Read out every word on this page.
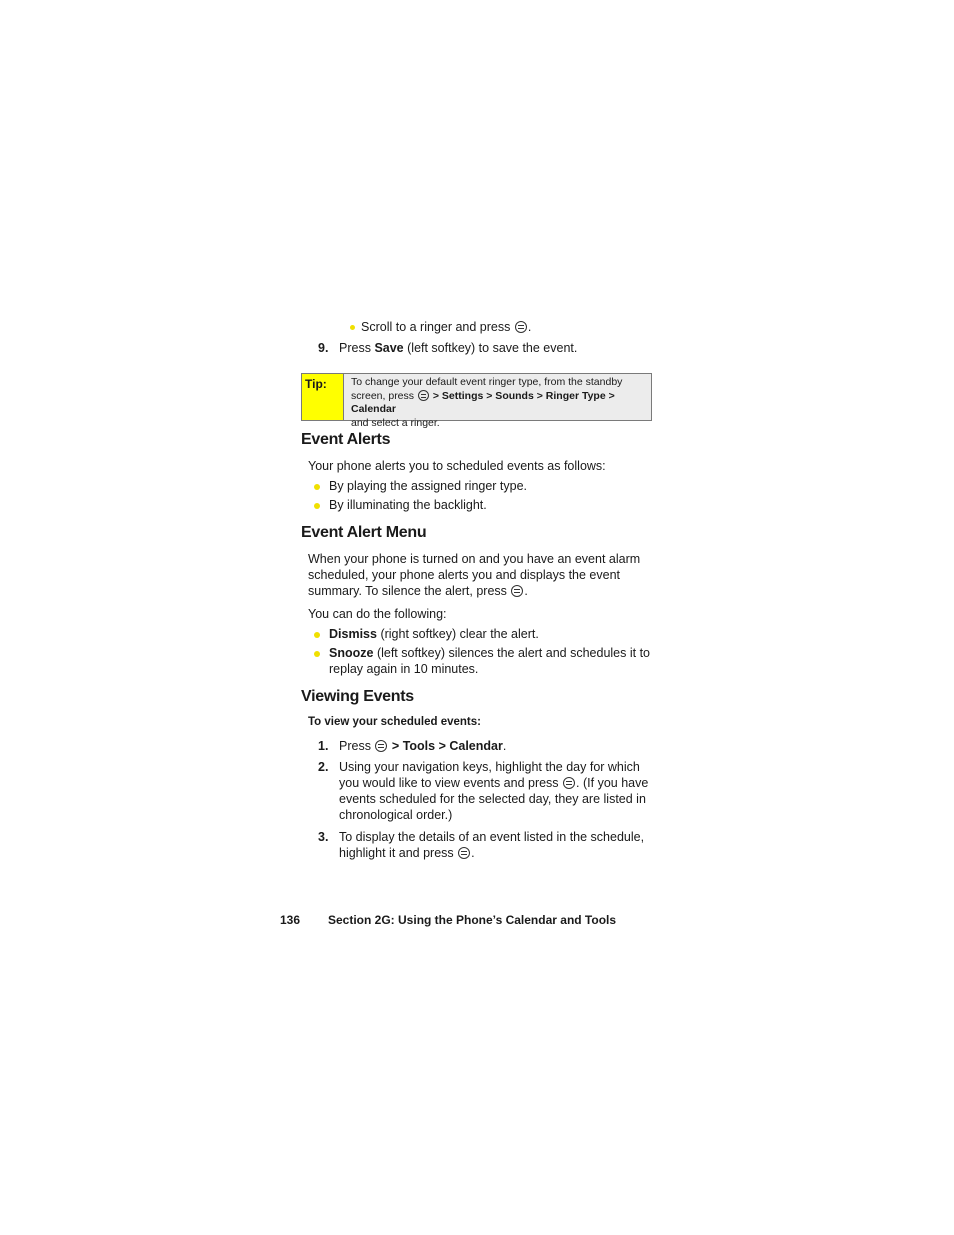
Scroll to a ringer and press .
9. Press Save (left softkey) to save the event.
Tip:	To change your default event ringer type, from the standby
screen, press > Settings > Sounds > Ringer Type > Calendar
and select a ringer.
Event Alerts
Your phone alerts you to scheduled events as follows:
By playing the assigned ringer type.
By illuminating the backlight.
Event Alert Menu
When your phone is turned on and you have an event alarm
scheduled, your phone alerts you and displays the event
summary. To silence the alert, press .
You can do the following:
Dismiss (right softkey) clear the alert.
Snooze (left softkey) silences the alert and schedules it to
replay again in 10 minutes.
Viewing Events
To view your scheduled events:
1. Press > Tools > Calendar.
2. Using your navigation keys, highlight the day for which
you would like to view events and press . (If you have
events scheduled for the selected day, they are listed in
chronological order.)
3. To display the details of an event listed in the schedule,
highlight it and press .
136 Section 2G: Using the Phone’s Calendar and Tools
